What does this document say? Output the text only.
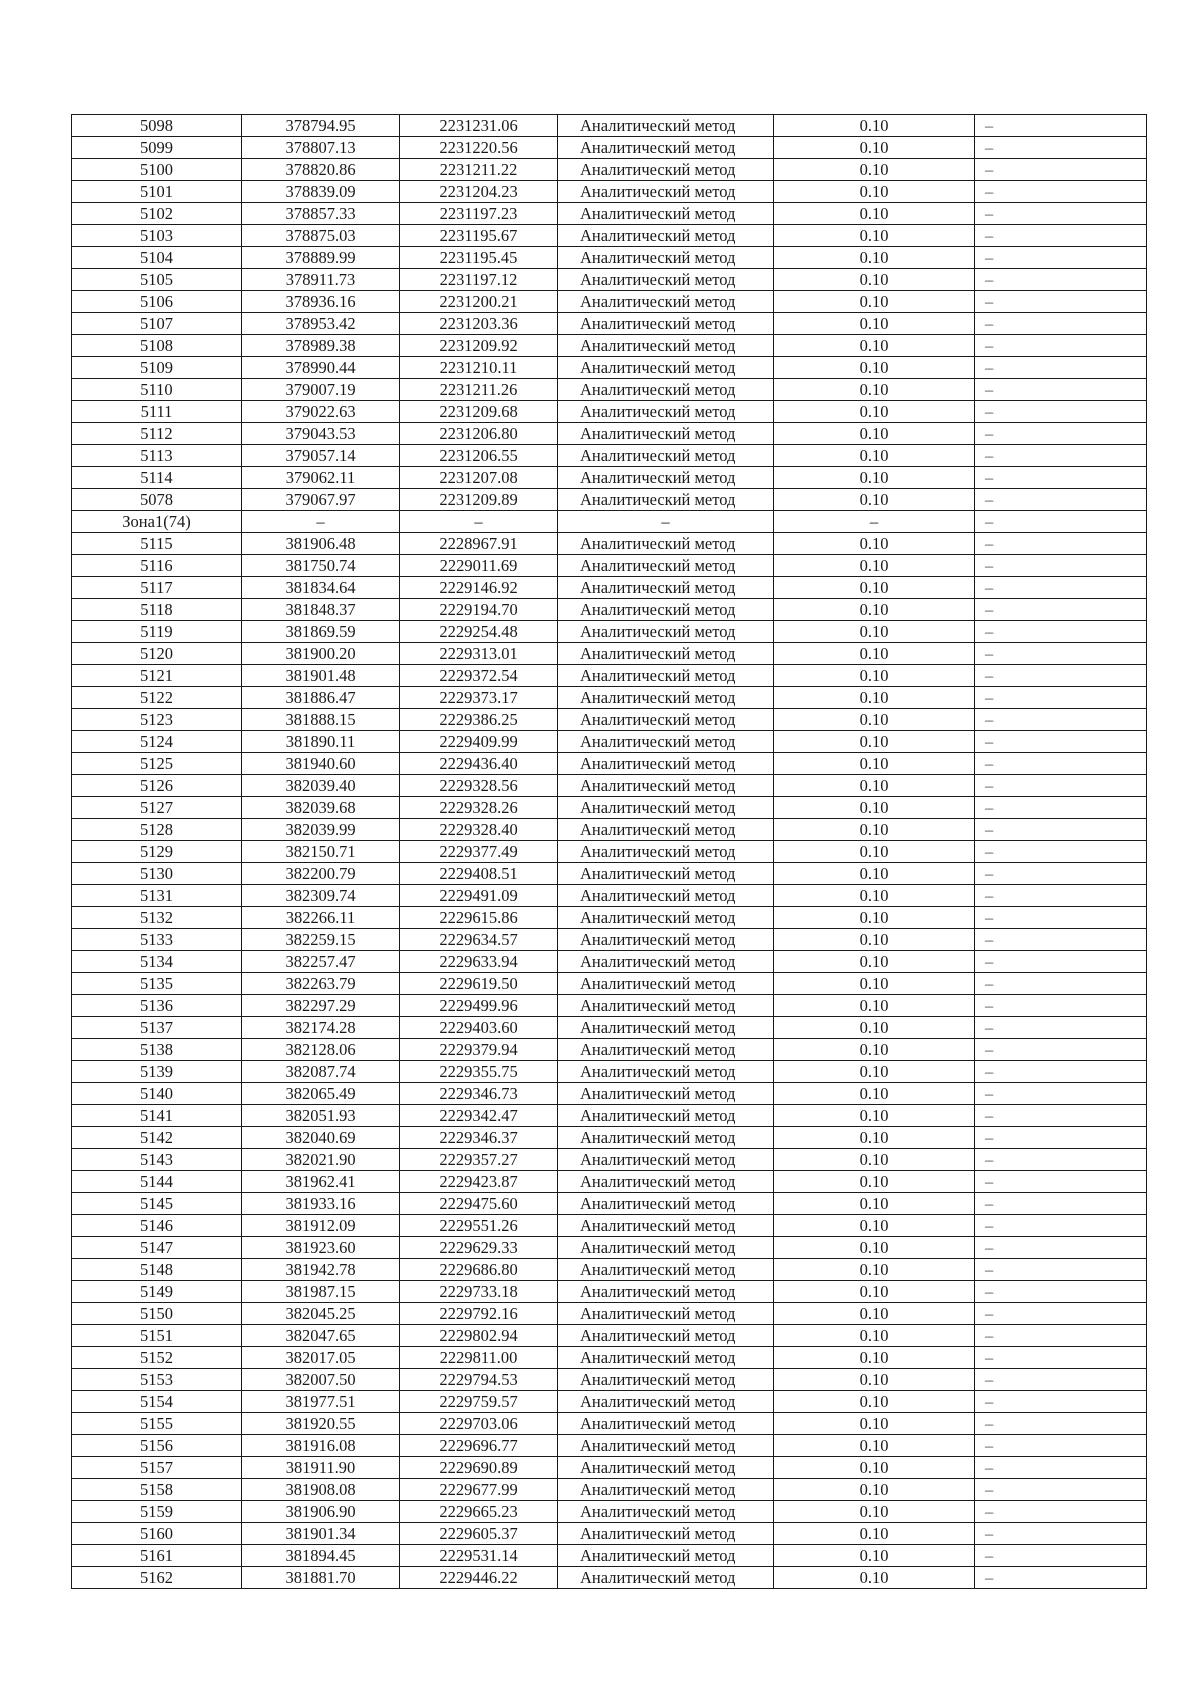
5098	378794.95	2231231.06	Аналитический метод	0.10	–
5099	378807.13	2231220.56	Аналитический метод	0.10	–
5100	378820.86	2231211.22	Аналитический метод	0.10	–
5101	378839.09	2231204.23	Аналитический метод	0.10	–
5102	378857.33	2231197.23	Аналитический метод	0.10	–
5103	378875.03	2231195.67	Аналитический метод	0.10	–
5104	378889.99	2231195.45	Аналитический метод	0.10	–
5105	378911.73	2231197.12	Аналитический метод	0.10	–
5106	378936.16	2231200.21	Аналитический метод	0.10	–
5107	378953.42	2231203.36	Аналитический метод	0.10	–
5108	378989.38	2231209.92	Аналитический метод	0.10	–
5109	378990.44	2231210.11	Аналитический метод	0.10	–
5110	379007.19	2231211.26	Аналитический метод	0.10	–
5111	379022.63	2231209.68	Аналитический метод	0.10	–
5112	379043.53	2231206.80	Аналитический метод	0.10	–
5113	379057.14	2231206.55	Аналитический метод	0.10	–
5114	379062.11	2231207.08	Аналитический метод	0.10	–
5078	379067.97	2231209.89	Аналитический метод	0.10	–
Зона1(74)	–	–	–	–	–
5115	381906.48	2228967.91	Аналитический метод	0.10	–
5116	381750.74	2229011.69	Аналитический метод	0.10	–
5117	381834.64	2229146.92	Аналитический метод	0.10	–
5118	381848.37	2229194.70	Аналитический метод	0.10	–
5119	381869.59	2229254.48	Аналитический метод	0.10	–
5120	381900.20	2229313.01	Аналитический метод	0.10	–
5121	381901.48	2229372.54	Аналитический метод	0.10	–
5122	381886.47	2229373.17	Аналитический метод	0.10	–
5123	381888.15	2229386.25	Аналитический метод	0.10	–
5124	381890.11	2229409.99	Аналитический метод	0.10	–
5125	381940.60	2229436.40	Аналитический метод	0.10	–
5126	382039.40	2229328.56	Аналитический метод	0.10	–
5127	382039.68	2229328.26	Аналитический метод	0.10	–
5128	382039.99	2229328.40	Аналитический метод	0.10	–
5129	382150.71	2229377.49	Аналитический метод	0.10	–
5130	382200.79	2229408.51	Аналитический метод	0.10	–
5131	382309.74	2229491.09	Аналитический метод	0.10	–
5132	382266.11	2229615.86	Аналитический метод	0.10	–
5133	382259.15	2229634.57	Аналитический метод	0.10	–
5134	382257.47	2229633.94	Аналитический метод	0.10	–
5135	382263.79	2229619.50	Аналитический метод	0.10	–
5136	382297.29	2229499.96	Аналитический метод	0.10	–
5137	382174.28	2229403.60	Аналитический метод	0.10	–
5138	382128.06	2229379.94	Аналитический метод	0.10	–
5139	382087.74	2229355.75	Аналитический метод	0.10	–
5140	382065.49	2229346.73	Аналитический метод	0.10	–
5141	382051.93	2229342.47	Аналитический метод	0.10	–
5142	382040.69	2229346.37	Аналитический метод	0.10	–
5143	382021.90	2229357.27	Аналитический метод	0.10	–
5144	381962.41	2229423.87	Аналитический метод	0.10	–
5145	381933.16	2229475.60	Аналитический метод	0.10	–
5146	381912.09	2229551.26	Аналитический метод	0.10	–
5147	381923.60	2229629.33	Аналитический метод	0.10	–
5148	381942.78	2229686.80	Аналитический метод	0.10	–
5149	381987.15	2229733.18	Аналитический метод	0.10	–
5150	382045.25	2229792.16	Аналитический метод	0.10	–
5151	382047.65	2229802.94	Аналитический метод	0.10	–
5152	382017.05	2229811.00	Аналитический метод	0.10	–
5153	382007.50	2229794.53	Аналитический метод	0.10	–
5154	381977.51	2229759.57	Аналитический метод	0.10	–
5155	381920.55	2229703.06	Аналитический метод	0.10	–
5156	381916.08	2229696.77	Аналитический метод	0.10	–
5157	381911.90	2229690.89	Аналитический метод	0.10	–
5158	381908.08	2229677.99	Аналитический метод	0.10	–
5159	381906.90	2229665.23	Аналитический метод	0.10	–
5160	381901.34	2229605.37	Аналитический метод	0.10	–
5161	381894.45	2229531.14	Аналитический метод	0.10	–
5162	381881.70	2229446.22	Аналитический метод	0.10	–
